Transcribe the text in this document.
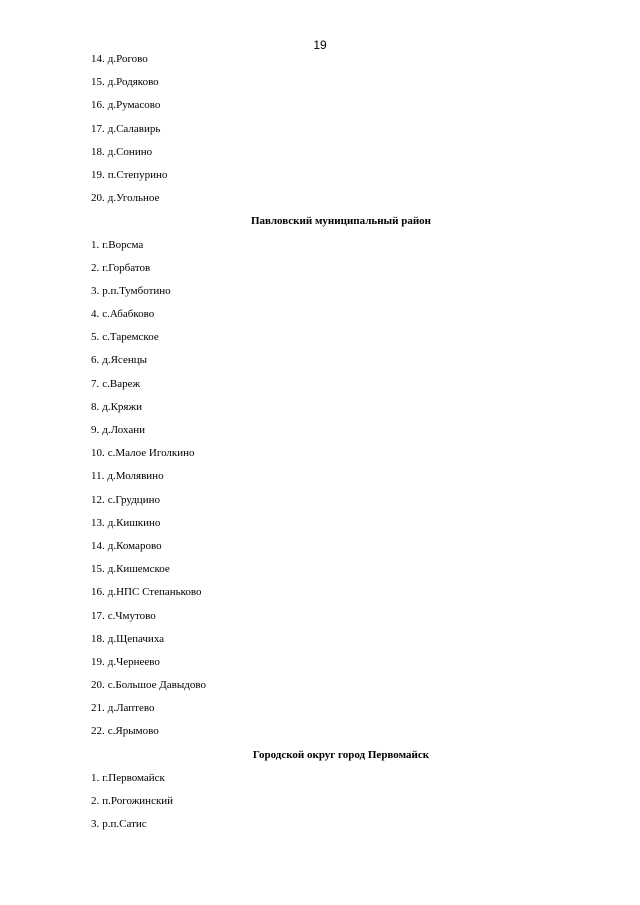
19
14. д.Рогово
15. д.Родяково
16. д.Румасово
17. д.Салавирь
18. д.Сонино
19. п.Степурино
20. д.Угольное
Павловский муниципальный район
1. г.Ворсма
2. г.Горбатов
3. р.п.Тумботино
4. с.Абабково
5. с.Таремское
6. д.Ясенцы
7. с.Вареж
8. д.Кряжи
9. д.Лохани
10. с.Малое Иголкино
11. д.Молявино
12. с.Грудцино
13. д.Кишкино
14. д.Комарово
15. д.Кишемское
16. д.НПС Степаньково
17. с.Чмутово
18. д.Щепачиха
19. д.Чернеево
20. с.Большое Давыдово
21. д.Лаптево
22. с.Ярымово
Городской округ город Первомайск
1. г.Первомайск
2. п.Рогожинский
3. р.п.Сатис
